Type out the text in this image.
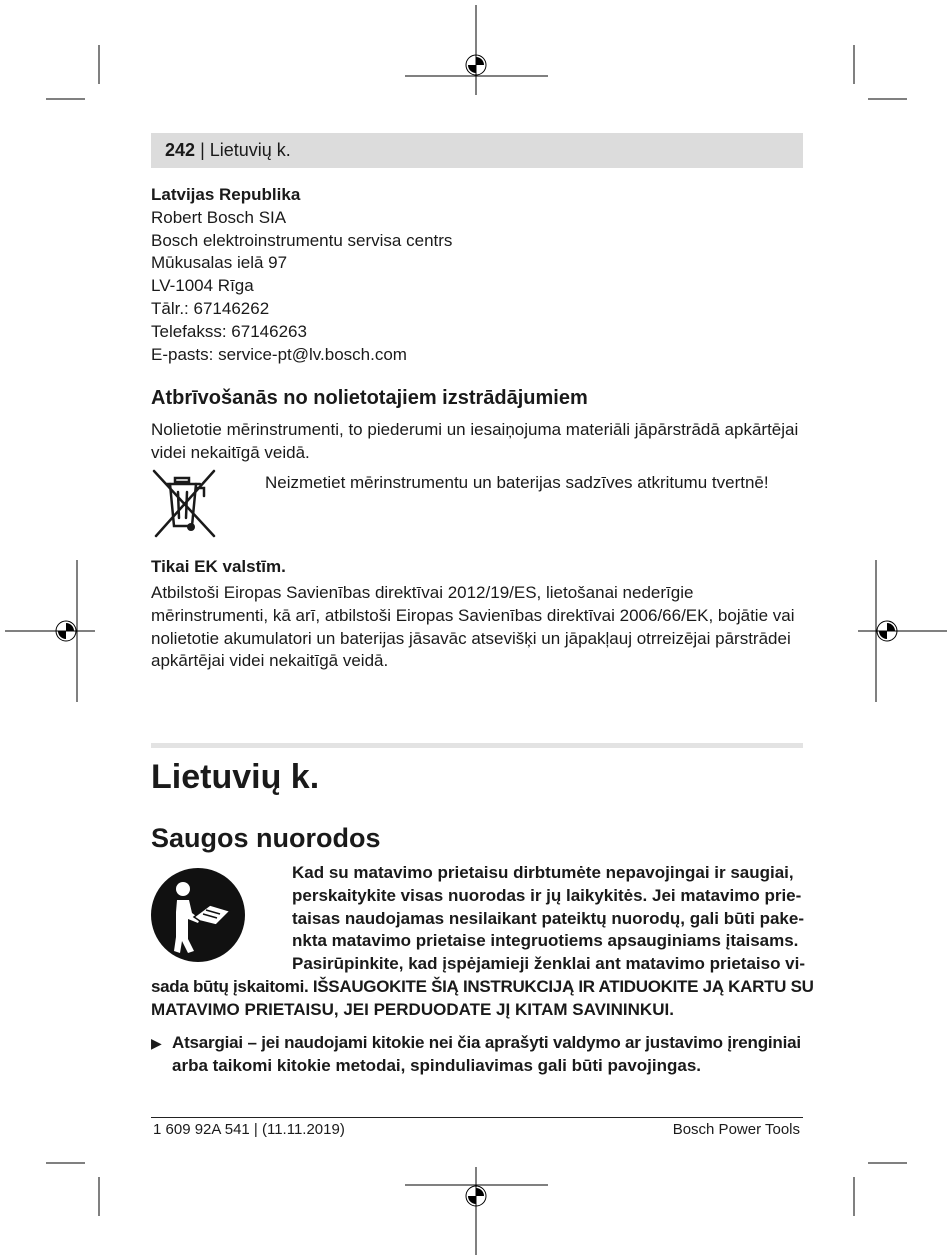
242 | Lietuvių k.
Latvijas Republika
Robert Bosch SIA
Bosch elektroinstrumentu servisa centrs
Mūkusalas ielā 97
LV-1004 Rīga
Tālr.: 67146262
Telefakss: 67146263
E-pasts: service-pt@lv.bosch.com
Atbrīvošanās no nolietotajiem izstrādājumiem
Nolietotie mērinstrumenti, to piederumi un iesaiņojuma materiāli jāpārstrādā apkārtējai
videi nekaitīgā veidā.
Neizmetiet mērinstrumentu un baterijas sadzīves atkritumu tvertnē!
Tikai EK valstīm.
Atbilstoši Eiropas Savienības direktīvai 2012/19/ES, lietošanai nederīgie
mērinstrumenti, kā arī, atbilstoši Eiropas Savienības direktīvai 2006/66/EK, bojātie vai
nolietotie akumulatori un baterijas jāsavāc atsevišķi un jāpakļauj otrreizējai pārstrādei
apkārtējai videi nekaitīgā veidā.
Lietuvių k.
Saugos nuorodos
Kad su matavimo prietaisu dirbtumėte nepavojingai ir saugiai,
perskaitykite visas nuorodas ir jų laikykitės. Jei matavimo prie-
taisas naudojamas nesilaikant pateiktų nuorodų, gali būti pake-
nkta matavimo prietaise integruotiems apsauginiams įtaisams.
Pasirūpinkite, kad įspėjamieji ženklai ant matavimo prietaiso vi-
sada būtų įskaitomi. IŠSAUGOKITE ŠIĄ INSTRUKCIJĄ IR ATIDUOKITE JĄ KARTU SU
MATAVIMO PRIETAISU, JEI PERDUODATE JĮ KITAM SAVININKUI.
▶ Atsargiai – jei naudojami kitokie nei čia aprašyti valdymo ar justavimo įrenginiai
arba taikomi kitokie metodai, spinduliavimas gali būti pavojingas.
1 609 92A 541 | (11.11.2019)	Bosch Power Tools
